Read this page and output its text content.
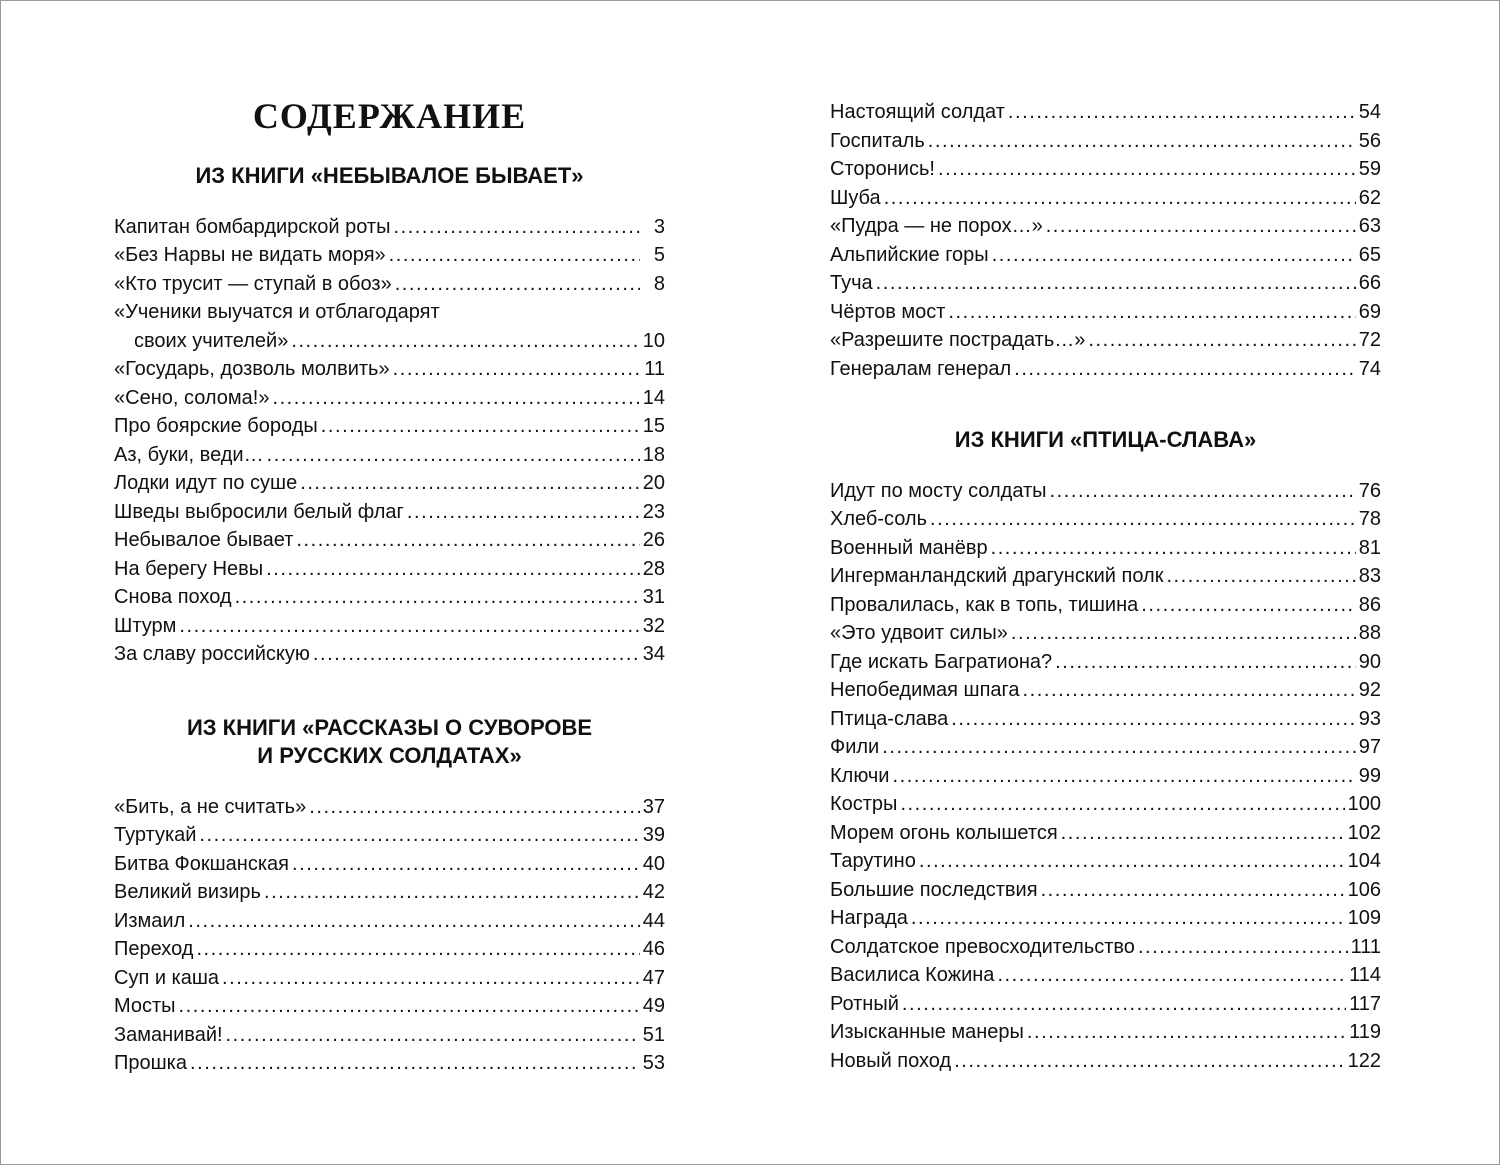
СОДЕРЖАНИЕ
ИЗ КНИГИ «НЕБЫВАЛОЕ БЫВАЕТ»
Капитан бомбардирской роты . . .	3
«Без Нарвы не видать моря» . . .	5
«Кто трусит — ступай в обоз» . . .	8
«Ученики выучатся и отблагодарят
своих учителей» . . .	10
«Государь, дозволь молвить» . . .	11
«Сено, солома!» . . .	14
Про боярские бороды . . .	15
Аз, буки, веди… . . .	18
Лодки идут по суше . . .	20
Шведы выбросили белый флаг . . .	23
Небывалое бывает . . .	26
На берегу Невы . . .	28
Снова поход . . .	31
Штурм . . .	32
За славу российскую . . .	34
ИЗ КНИГИ «РАССКАЗЫ О СУВОРОВЕ
И РУССКИХ СОЛДАТАХ»
«Бить, а не считать» . . .	37
Туртукай . . .	39
Битва Фокшанская . . .	40
Великий визирь . . .	42
Измаил . . .	44
Переход . . .	46
Суп и каша . . .	47
Мосты . . .	49
Заманивай! . . .	51
Прошка . . .	53
Настоящий солдат . . .	54
Госпиталь . . .	56
Сторонись! . . .	59
Шуба . . .	62
«Пудра — не порох…» . . .	63
Альпийские горы . . .	65
Туча . . .	66
Чёртов мост . . .	69
«Разрешите пострадать…» . . .	72
Генералам генерал . . .	74
ИЗ КНИГИ «ПТИЦА-СЛАВА»
Идут по мосту солдаты . . .	76
Хлеб-соль . . .	78
Военный манёвр . . .	81
Ингерманландский драгунский полк . . .	83
Провалилась, как в топь, тишина . . .	86
«Это удвоит силы» . . .	88
Где искать Багратиона? . . .	90
Непобедимая шпага . . .	92
Птица-слава . . .	93
Фили . . .	97
Ключи . . .	99
Костры . . .	100
Морем огонь колышется . . .	102
Тарутино . . .	104
Большие последствия . . .	106
Награда . . .	109
Солдатское превосходительство . . .	111
Василиса Кожина . . .	114
Ротный . . .	117
Изысканные манеры . . .	119
Новый поход . . .	122
